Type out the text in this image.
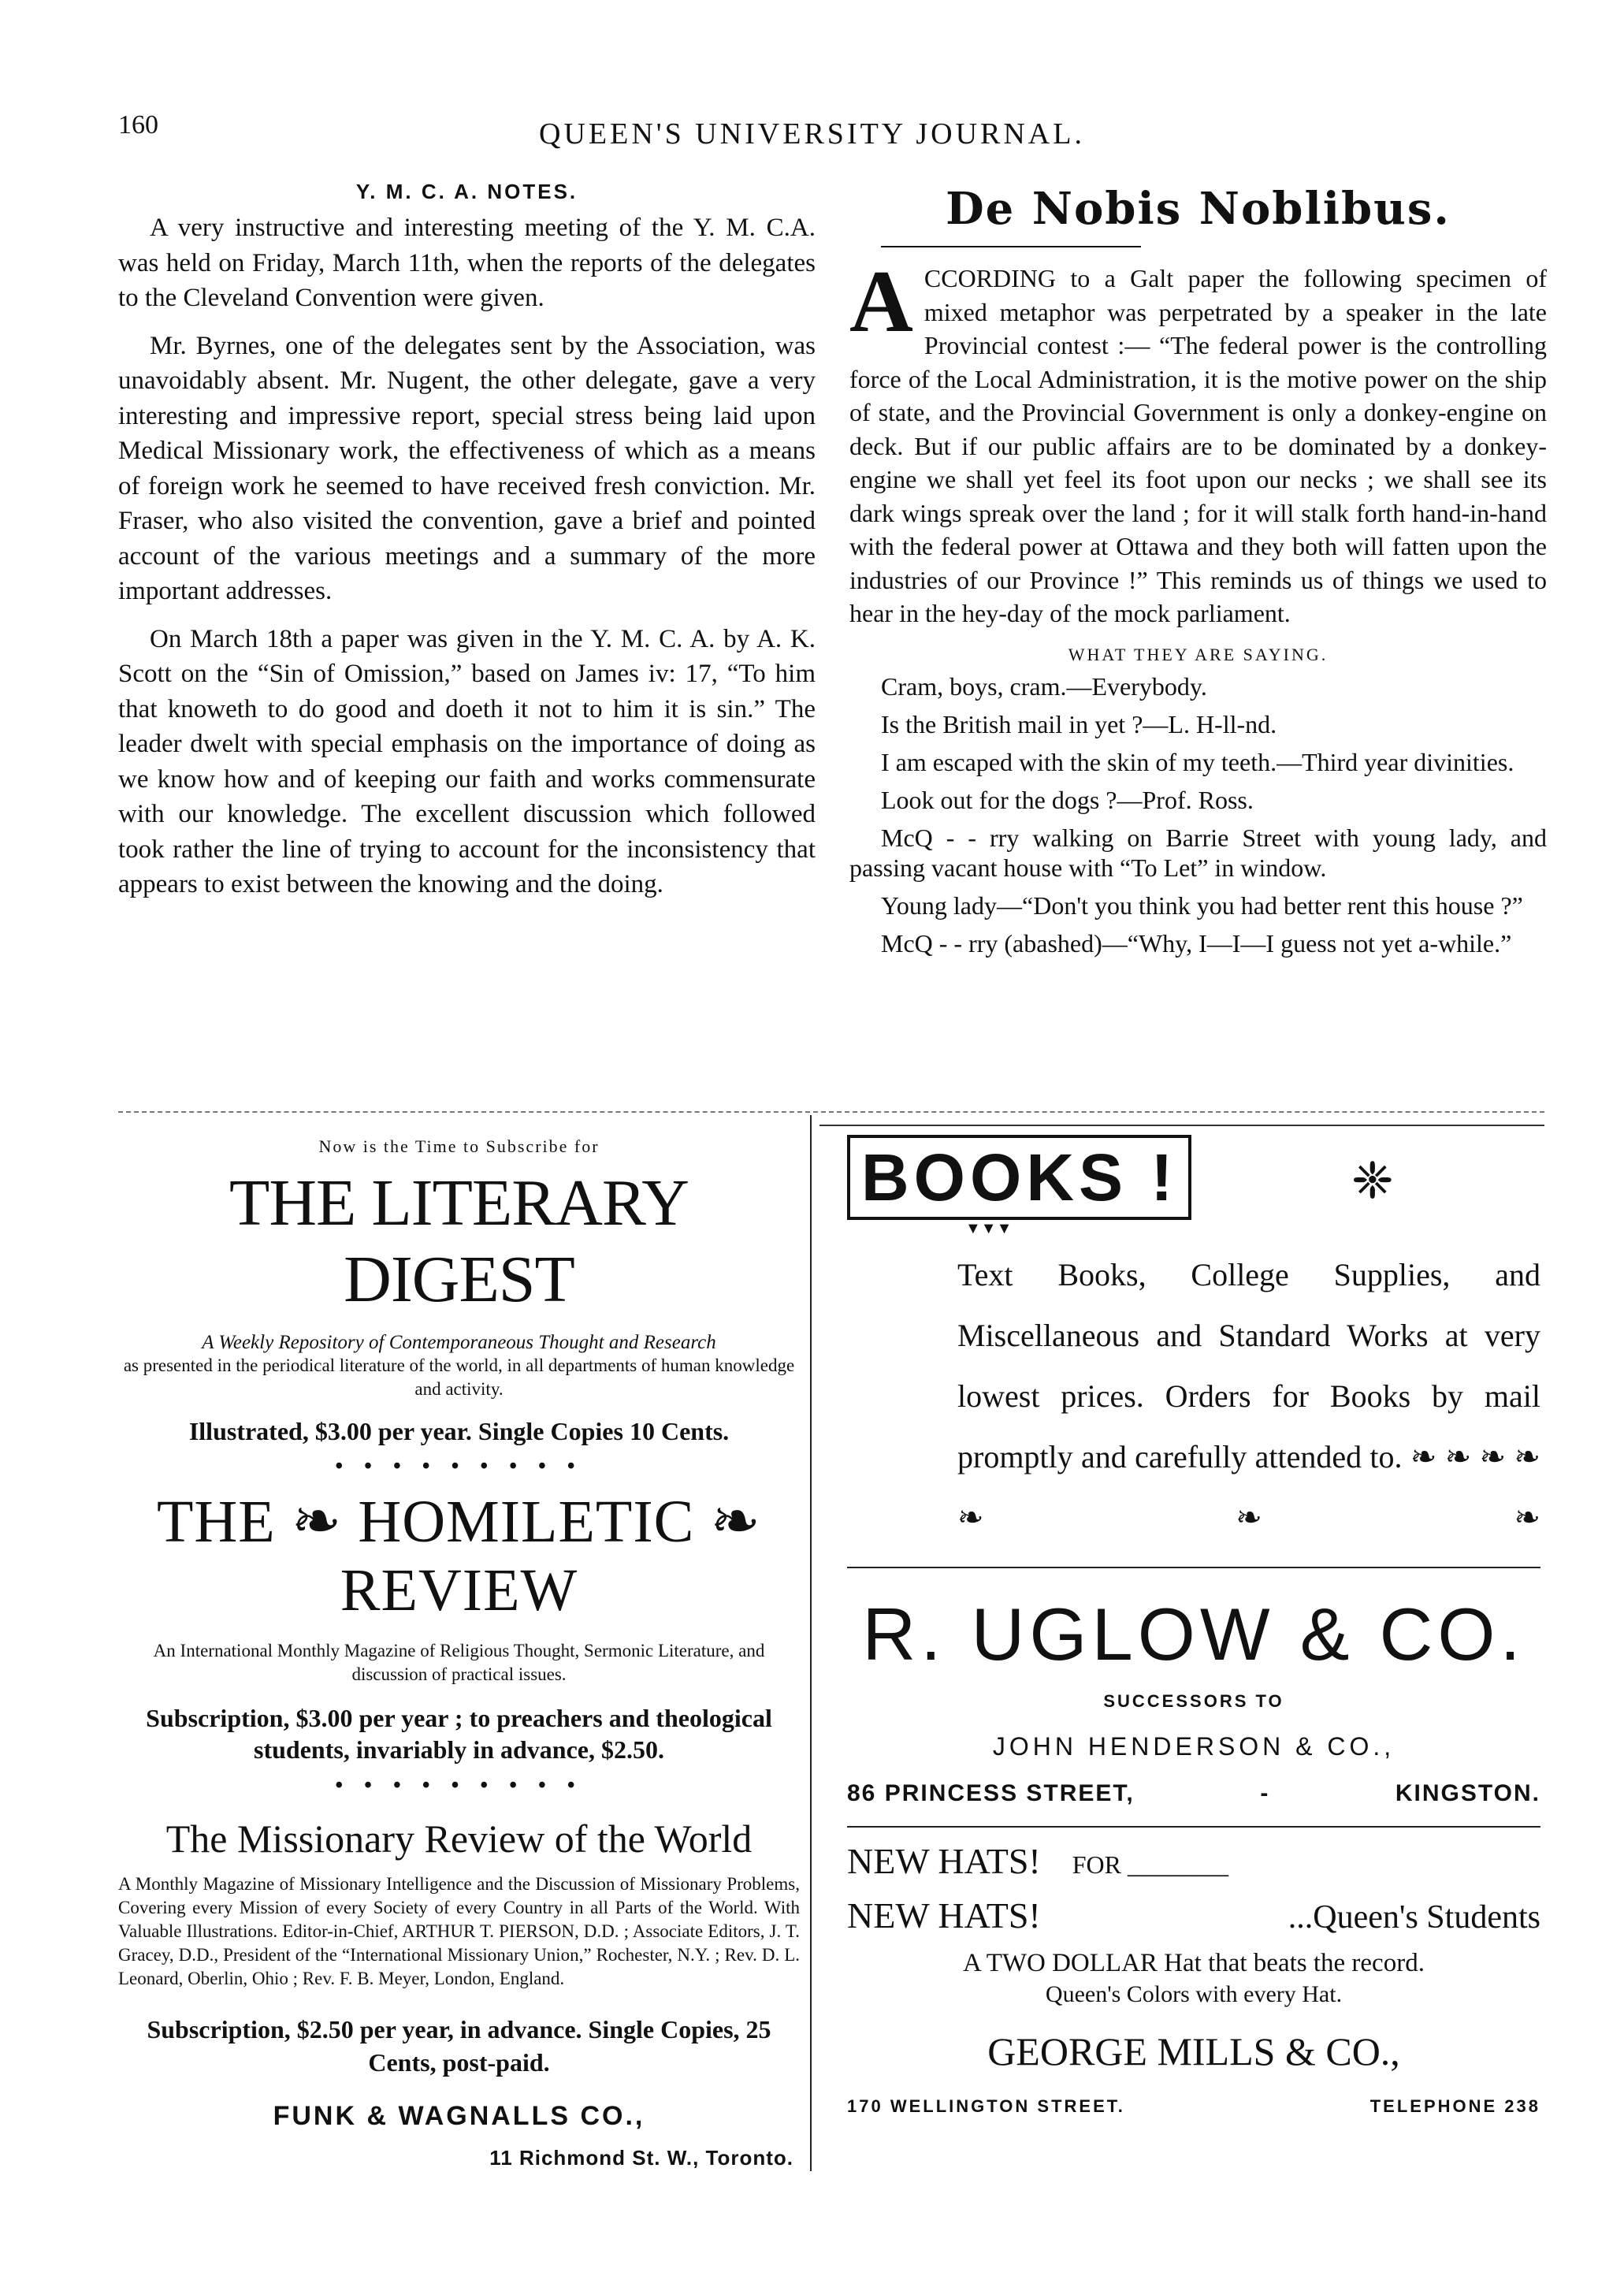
160	QUEEN'S UNIVERSITY JOURNAL.
Y. M. C. A. NOTES.

A very instructive and interesting meeting of the Y. M. C.A. was held on Friday, March 11th, when the reports of the delegates to the Cleveland Convention were given.

Mr. Byrnes, one of the delegates sent by the Association, was unavoidably absent. Mr. Nugent, the other delegate, gave a very interesting and impressive report, special stress being laid upon Medical Missionary work, the effectiveness of which as a means of foreign work he seemed to have received fresh conviction. Mr. Fraser, who also visited the convention, gave a brief and pointed account of the various meetings and a summary of the more important addresses.

On March 18th a paper was given in the Y. M. C. A. by A. K. Scott on the “Sin of Omission,” based on James iv: 17, “To him that knoweth to do good and doeth it not to him it is sin.” The leader dwelt with special emphasis on the importance of doing as we know how and of keeping our faith and works commensurate with our knowledge. The excellent discussion which followed took rather the line of trying to account for the inconsistency that appears to exist between the knowing and the doing.

De Nobis Noblibus.
A CCORDING to a Galt paper the following specimen of mixed metaphor was perpetrated by a speaker in the late Provincial contest :— “The federal power is the controlling force of the Local Administration, it is the motive power on the ship of state, and the Provincial Government is only a donkey-engine on deck. But if our public affairs are to be dominated by a donkey-engine we shall yet feel its foot upon our necks ; we shall see its dark wings spreak over the land ; for it will stalk forth hand-in-hand with the federal power at Ottawa and they both will fatten upon the industries of our Province !” This reminds us of things we used to hear in the hey-day of the mock parliament.
WHAT THEY ARE SAYING.

Cram, boys, cram.—Everybody.

Is the British mail in yet ?—L. H-ll-nd.

I am escaped with the skin of my teeth.—Third year divinities.

Look out for the dogs ?—Prof. Ross.

McQ - - rry walking on Barrie Street with young lady, and passing vacant house with “To Let” in window.

Young lady—“Don't you think you had better rent this house ?”

McQ - - rry (abashed)—“Why, I—I—I guess not yet a-while.”

Now is the Time to Subscribe for
THE LITERARY DIGEST
A Weekly Repository of Contemporaneous Thought and Research
as presented in the periodical literature of the world, in all departments of human knowledge and activity.
Illustrated, $3.00 per year. Single Copies 10 Cents.
• • • • • • • • •
THE ❧ HOMILETIC ❧ REVIEW
An International Monthly Magazine of Religious Thought, Sermonic Literature, and discussion of practical issues.
Subscription, $3.00 per year ; to preachers and theological students, invariably in advance, $2.50.
• • • • • • • • •
The Missionary Review of the World
A Monthly Magazine of Missionary Intelligence and the Discussion of Missionary Problems, Covering every Mission of every Society of every Country in all Parts of the World. With Valuable Illustrations. Editor-in-Chief, ARTHUR T. PIERSON, D.D. ; Associate Editors, J. T. Gracey, D.D., President of the “International Missionary Union,” Rochester, N.Y. ; Rev. D. L. Leonard, Oberlin, Ohio ; Rev. F. B. Meyer, London, England.
Subscription, $2.50 per year, in advance. Single Copies, 25 Cents, post-paid.
FUNK & WAGNALLS CO.,
11 Richmond St. W., Toronto.
BOOKS !	❈
▼▼▼
Text Books, College Supplies, and Miscellaneous and Standard Works at very lowest prices. Orders for Books by mail promptly and carefully attended to. ❧ ❧ ❧ ❧ ❧ ❧ ❧
R. UGLOW & CO.
SUCCESSORS TO
JOHN HENDERSON & CO.,
86 PRINCESS STREET,	-	KINGSTON.
NEW HATS!	FOR ________
NEW HATS!	...Queen's Students
A TWO DOLLAR Hat that beats the record.
Queen's Colors with every Hat.
GEORGE MILLS & CO.,
170 WELLINGTON STREET.	TELEPHONE 238
